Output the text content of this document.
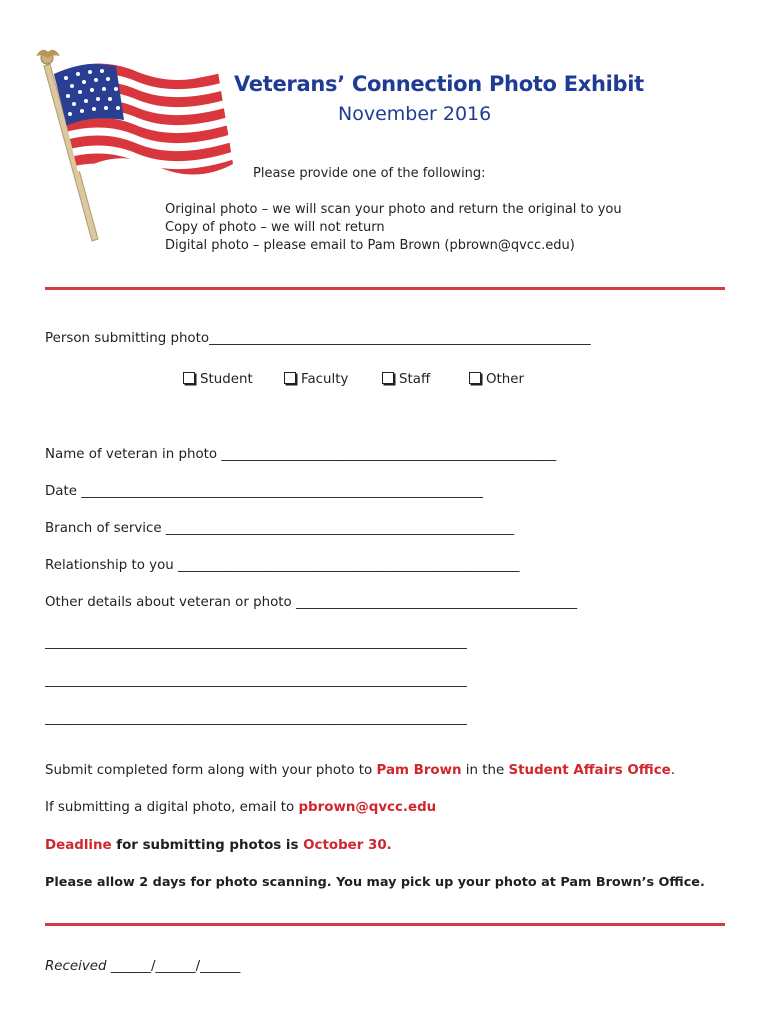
Veterans’ Connection Photo Exhibit
November 2016
Please provide one of the following:
Original photo – we will scan your photo and return the original to you
Copy of photo – we will not return
Digital photo – please email to Pam Brown (pbrown@qvcc.edu)
Person submitting photo_________________________________________________________
Student	Faculty	Staff	Other
Name of veteran in photo __________________________________________________
Date ____________________________________________________________
Branch of service ____________________________________________________
Relationship to you ___________________________________________________
Other details about veteran or photo __________________________________________
_______________________________________________________________
_______________________________________________________________
_______________________________________________________________
Submit completed form along with your photo to Pam Brown in the Student Affairs Office.
If submitting a digital photo, email to pbrown@qvcc.edu
Deadline for submitting photos is October 30.
Please allow 2 days for photo scanning. You may pick up your photo at Pam Brown’s Office.
Received ______/______/______
